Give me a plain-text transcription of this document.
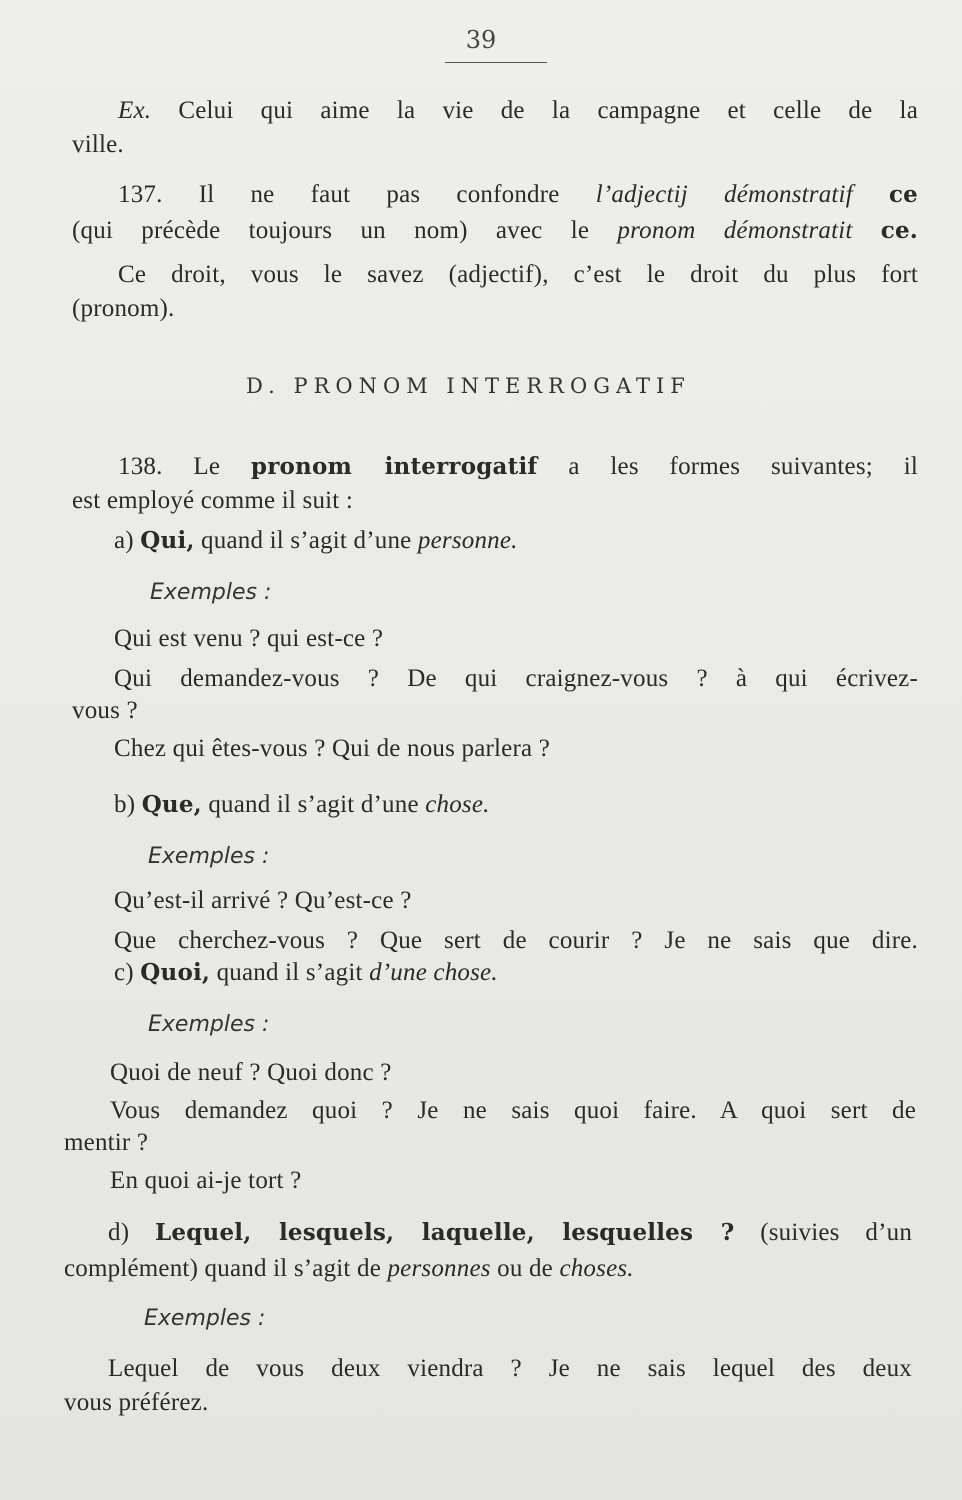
39
Ex. Celui qui aime la vie de la campagne et celle de la
ville.
137. Il ne faut pas confondre l’adjectij démonstratif ce
(qui précède toujours un nom) avec le pronom démonstratit ce.
Ce droit, vous le savez (adjectif), c’est le droit du plus fort
(pronom).
D. PRONOM INTERROGATIF
138. Le pronom interrogatif a les formes suivantes; il
est employé comme il suit :
a) Qui, quand il s’agit d’une personne.
Exemples :
Qui est venu ? qui est-ce ?
Qui demandez-vous ? De qui craignez-vous ? à qui écrivez-
vous ?
Chez qui êtes-vous ? Qui de nous parlera ?
b) Que, quand il s’agit d’une chose.
Exemples :
Qu’est-il arrivé ? Qu’est-ce ?
Que cherchez-vous ? Que sert de courir ? Je ne sais que dire.
c) Quoi, quand il s’agit d’une chose.
Exemples :
Quoi de neuf ? Quoi donc ?
Vous demandez quoi ? Je ne sais quoi faire. A quoi sert de
mentir ?
En quoi ai-je tort ?
d) Lequel, lesquels, laquelle, lesquelles ? (suivies d’un
complément) quand il s’agit de personnes ou de choses.
Exemples :
Lequel de vous deux viendra ? Je ne sais lequel des deux
vous préférez.
